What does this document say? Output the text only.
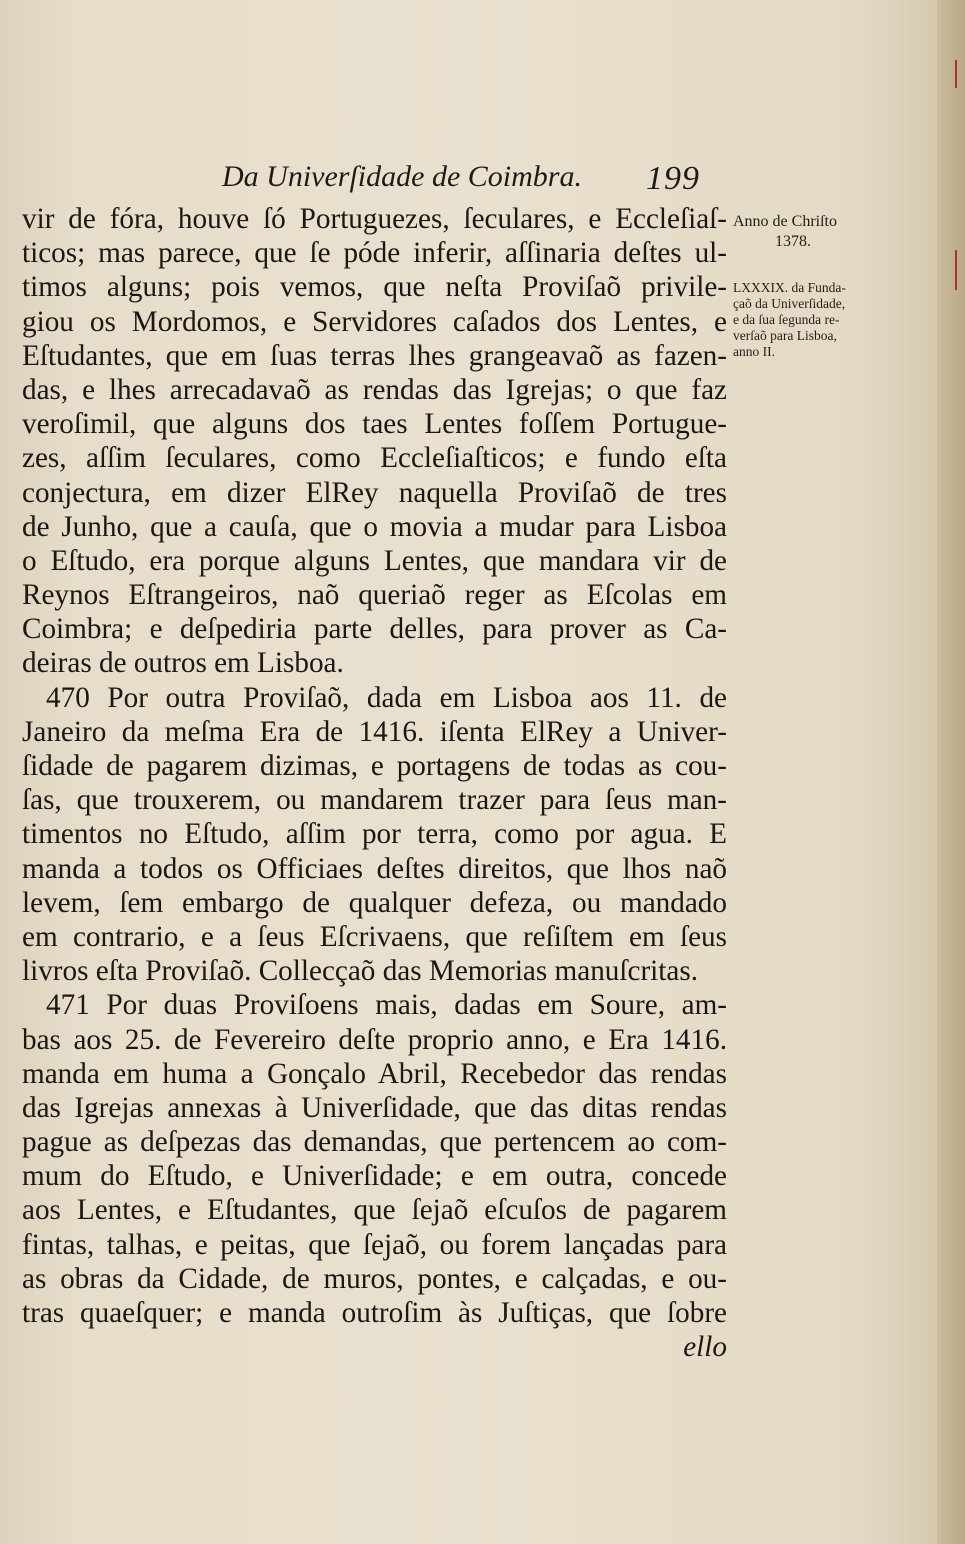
Da Univerſidade de Coimbra. 199
vir de fóra, houve ſó Portuguezes, ſeculares, e Eccleſiaſ-
ticos; mas parece, que ſe póde inferir, aſſinaria deſtes ul-
timos alguns; pois vemos, que neſta Proviſaõ privile-
giou os Mordomos, e Servidores caſados dos Lentes, e
Eſtudantes, que em ſuas terras lhes grangeavaõ as fazen-
das, e lhes arrecadavaõ as rendas das Igrejas; o que faz
veroſimil, que alguns dos taes Lentes foſſem Portugue-
zes, aſſim ſeculares, como Eccleſiaſticos; e fundo eſta
conjectura, em dizer ElRey naquella Proviſaõ de tres
de Junho, que a cauſa, que o movia a mudar para Lisboa
o Eſtudo, era porque alguns Lentes, que mandara vir de
Reynos Eſtrangeiros, naõ queriaõ reger as Eſcolas em
Coimbra; e deſpediria parte delles, para prover as Ca-
deiras de outros em Lisboa.
470 Por outra Proviſaõ, dada em Lisboa aos 11. de
Janeiro da meſma Era de 1416. iſenta ElRey a Univer-
ſidade de pagarem dizimas, e portagens de todas as cou-
ſas, que trouxerem, ou mandarem trazer para ſeus man-
timentos no Eſtudo, aſſim por terra, como por agua. E
manda a todos os Officiaes deſtes direitos, que lhos naõ
levem, ſem embargo de qualquer defeza, ou mandado
em contrario, e a ſeus Eſcrivaens, que reſiſtem em ſeus
livros eſta Proviſaõ. Collecçaõ das Memorias manuſcritas.
471 Por duas Proviſoens mais, dadas em Soure, am-
bas aos 25. de Fevereiro deſte proprio anno, e Era 1416.
manda em huma a Gonçalo Abril, Recebedor das rendas
das Igrejas annexas à Univerſidade, que das ditas rendas
pague as deſpezas das demandas, que pertencem ao com-
mum do Eſtudo, e Univerſidade; e em outra, concede
aos Lentes, e Eſtudantes, que ſejaõ eſcuſos de pagarem
fintas, talhas, e peitas, que ſejaõ, ou forem lançadas para
as obras da Cidade, de muros, pontes, e calçadas, e ou-
tras quaeſquer; e manda outroſim às Juſtiças, que ſobre
ello
Anno de Chriſto
1378.
LXXXIX. da Funda-
çaõ da Univerſidade,
e da ſua ſegunda re-
verſaõ para Lisboa,
anno II.
